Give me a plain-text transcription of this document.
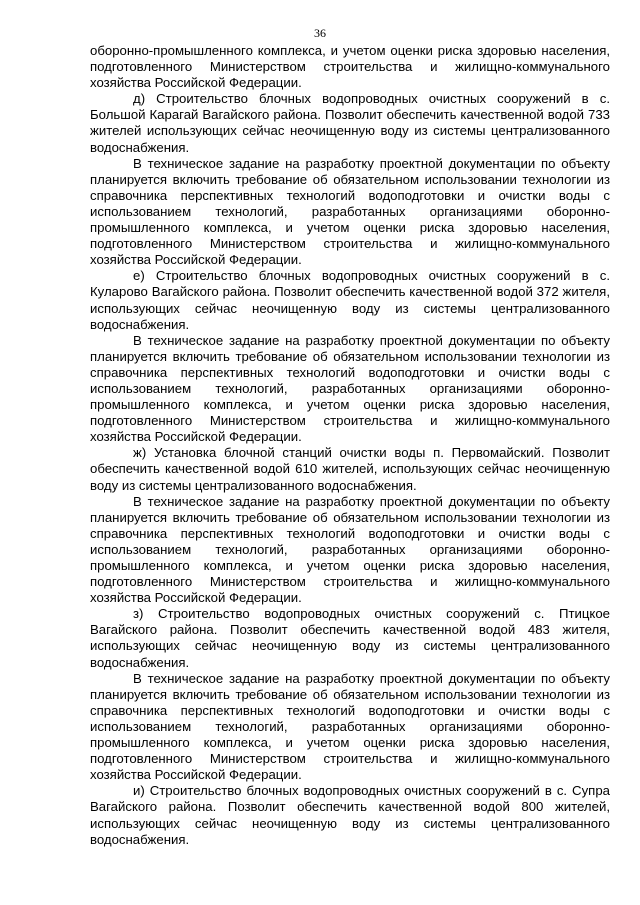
36

оборонно-промышленного комплекса, и учетом оценки риска здоровью населения, подготовленного Министерством строительства и жилищно-коммунального хозяйства Российской Федерации.

д) Строительство блочных водопроводных очистных сооружений в с. Большой Карагай Вагайского района. Позволит обеспечить качественной водой 733 жителей использующих сейчас неочищенную воду из системы централизованного водоснабжения.

В техническое задание на разработку проектной документации по объекту планируется включить требование об обязательном использовании технологии из справочника перспективных технологий водоподготовки и очистки воды с использованием технологий, разработанных организациями оборонно-промышленного комплекса, и учетом оценки риска здоровью населения, подготовленного Министерством строительства и жилищно-коммунального хозяйства Российской Федерации.

е) Строительство блочных водопроводных очистных сооружений в с. Куларово Вагайского района. Позволит обеспечить качественной водой 372 жителя, использующих сейчас неочищенную воду из системы централизованного водоснабжения.

В техническое задание на разработку проектной документации по объекту планируется включить требование об обязательном использовании технологии из справочника перспективных технологий водоподготовки и очистки воды с использованием технологий, разработанных организациями оборонно-промышленного комплекса, и учетом оценки риска здоровью населения, подготовленного Министерством строительства и жилищно-коммунального хозяйства Российской Федерации.

ж) Установка блочной станций очистки воды п. Первомайский. Позволит обеспечить качественной водой 610 жителей, использующих сейчас неочищенную воду из системы централизованного водоснабжения.

В техническое задание на разработку проектной документации по объекту планируется включить требование об обязательном использовании технологии из справочника перспективных технологий водоподготовки и очистки воды с использованием технологий, разработанных организациями оборонно-промышленного комплекса, и учетом оценки риска здоровью населения, подготовленного Министерством строительства и жилищно-коммунального хозяйства Российской Федерации.

з) Строительство водопроводных очистных сооружений с. Птицкое Вагайского района. Позволит обеспечить качественной водой 483 жителя, использующих сейчас неочищенную воду из системы централизованного водоснабжения.

В техническое задание на разработку проектной документации по объекту планируется включить требование об обязательном использовании технологии из справочника перспективных технологий водоподготовки и очистки воды с использованием технологий, разработанных организациями оборонно-промышленного комплекса, и учетом оценки риска здоровью населения, подготовленного Министерством строительства и жилищно-коммунального хозяйства Российской Федерации.

и) Строительство блочных водопроводных очистных сооружений в с. Супра Вагайского района. Позволит обеспечить качественной водой 800 жителей, использующих сейчас неочищенную воду из системы централизованного водоснабжения.
